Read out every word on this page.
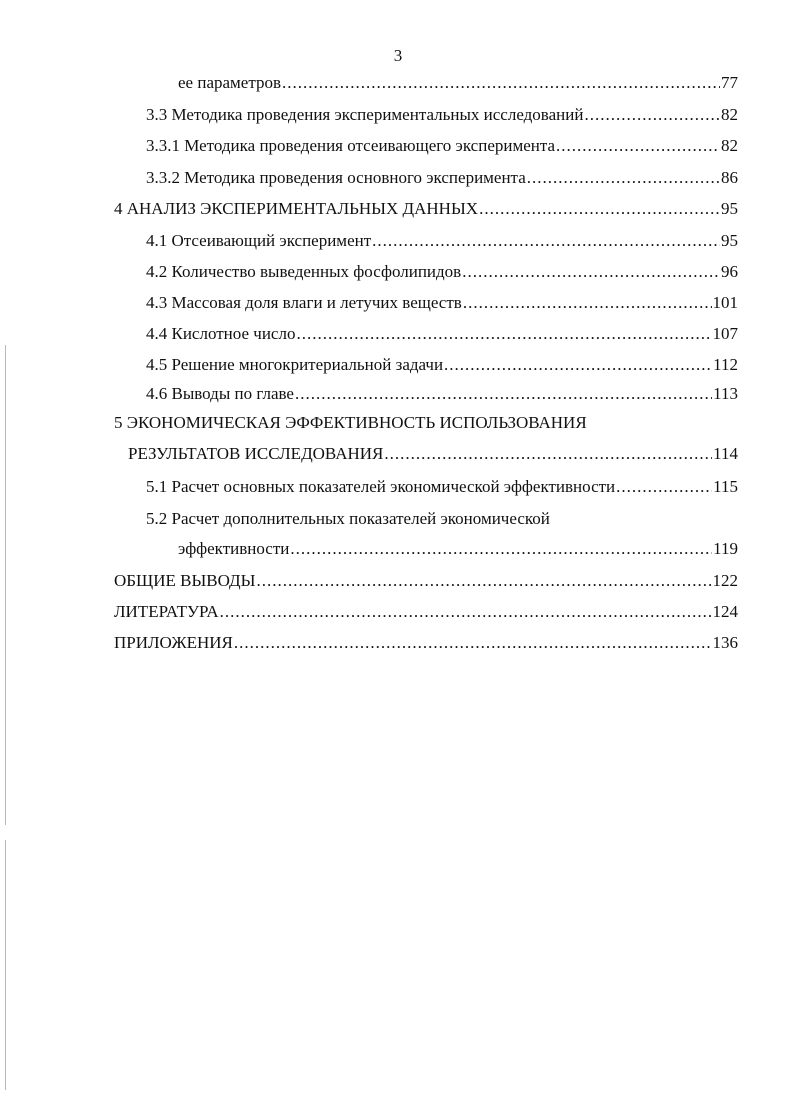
3
ее параметров .....	77
3.3 Методика проведения экспериментальных исследований .....	82
3.3.1 Методика проведения отсеивающего эксперимента .....	82
3.3.2 Методика проведения основного эксперимента .....	86
4 АНАЛИЗ ЭКСПЕРИМЕНТАЛЬНЫХ ДАННЫХ .....	95
4.1 Отсеивающий эксперимент .....	95
4.2 Количество выведенных фосфолипидов .....	96
4.3 Массовая доля влаги и летучих веществ .....	101
4.4 Кислотное число .....	107
4.5 Решение многокритериальной задачи .....	112
4.6 Выводы по главе .....	113
5 ЭКОНОМИЧЕСКАЯ ЭФФЕКТИВНОСТЬ ИСПОЛЬЗОВАНИЯ
РЕЗУЛЬТАТОВ ИССЛЕДОВАНИЯ .....	114
5.1 Расчет основных показателей экономической эффективности .....	115
5.2 Расчет дополнительных показателей экономической
эффективности .....	119
ОБЩИЕ ВЫВОДЫ .....	122
ЛИТЕРАТУРА .....	124
ПРИЛОЖЕНИЯ .....	136
